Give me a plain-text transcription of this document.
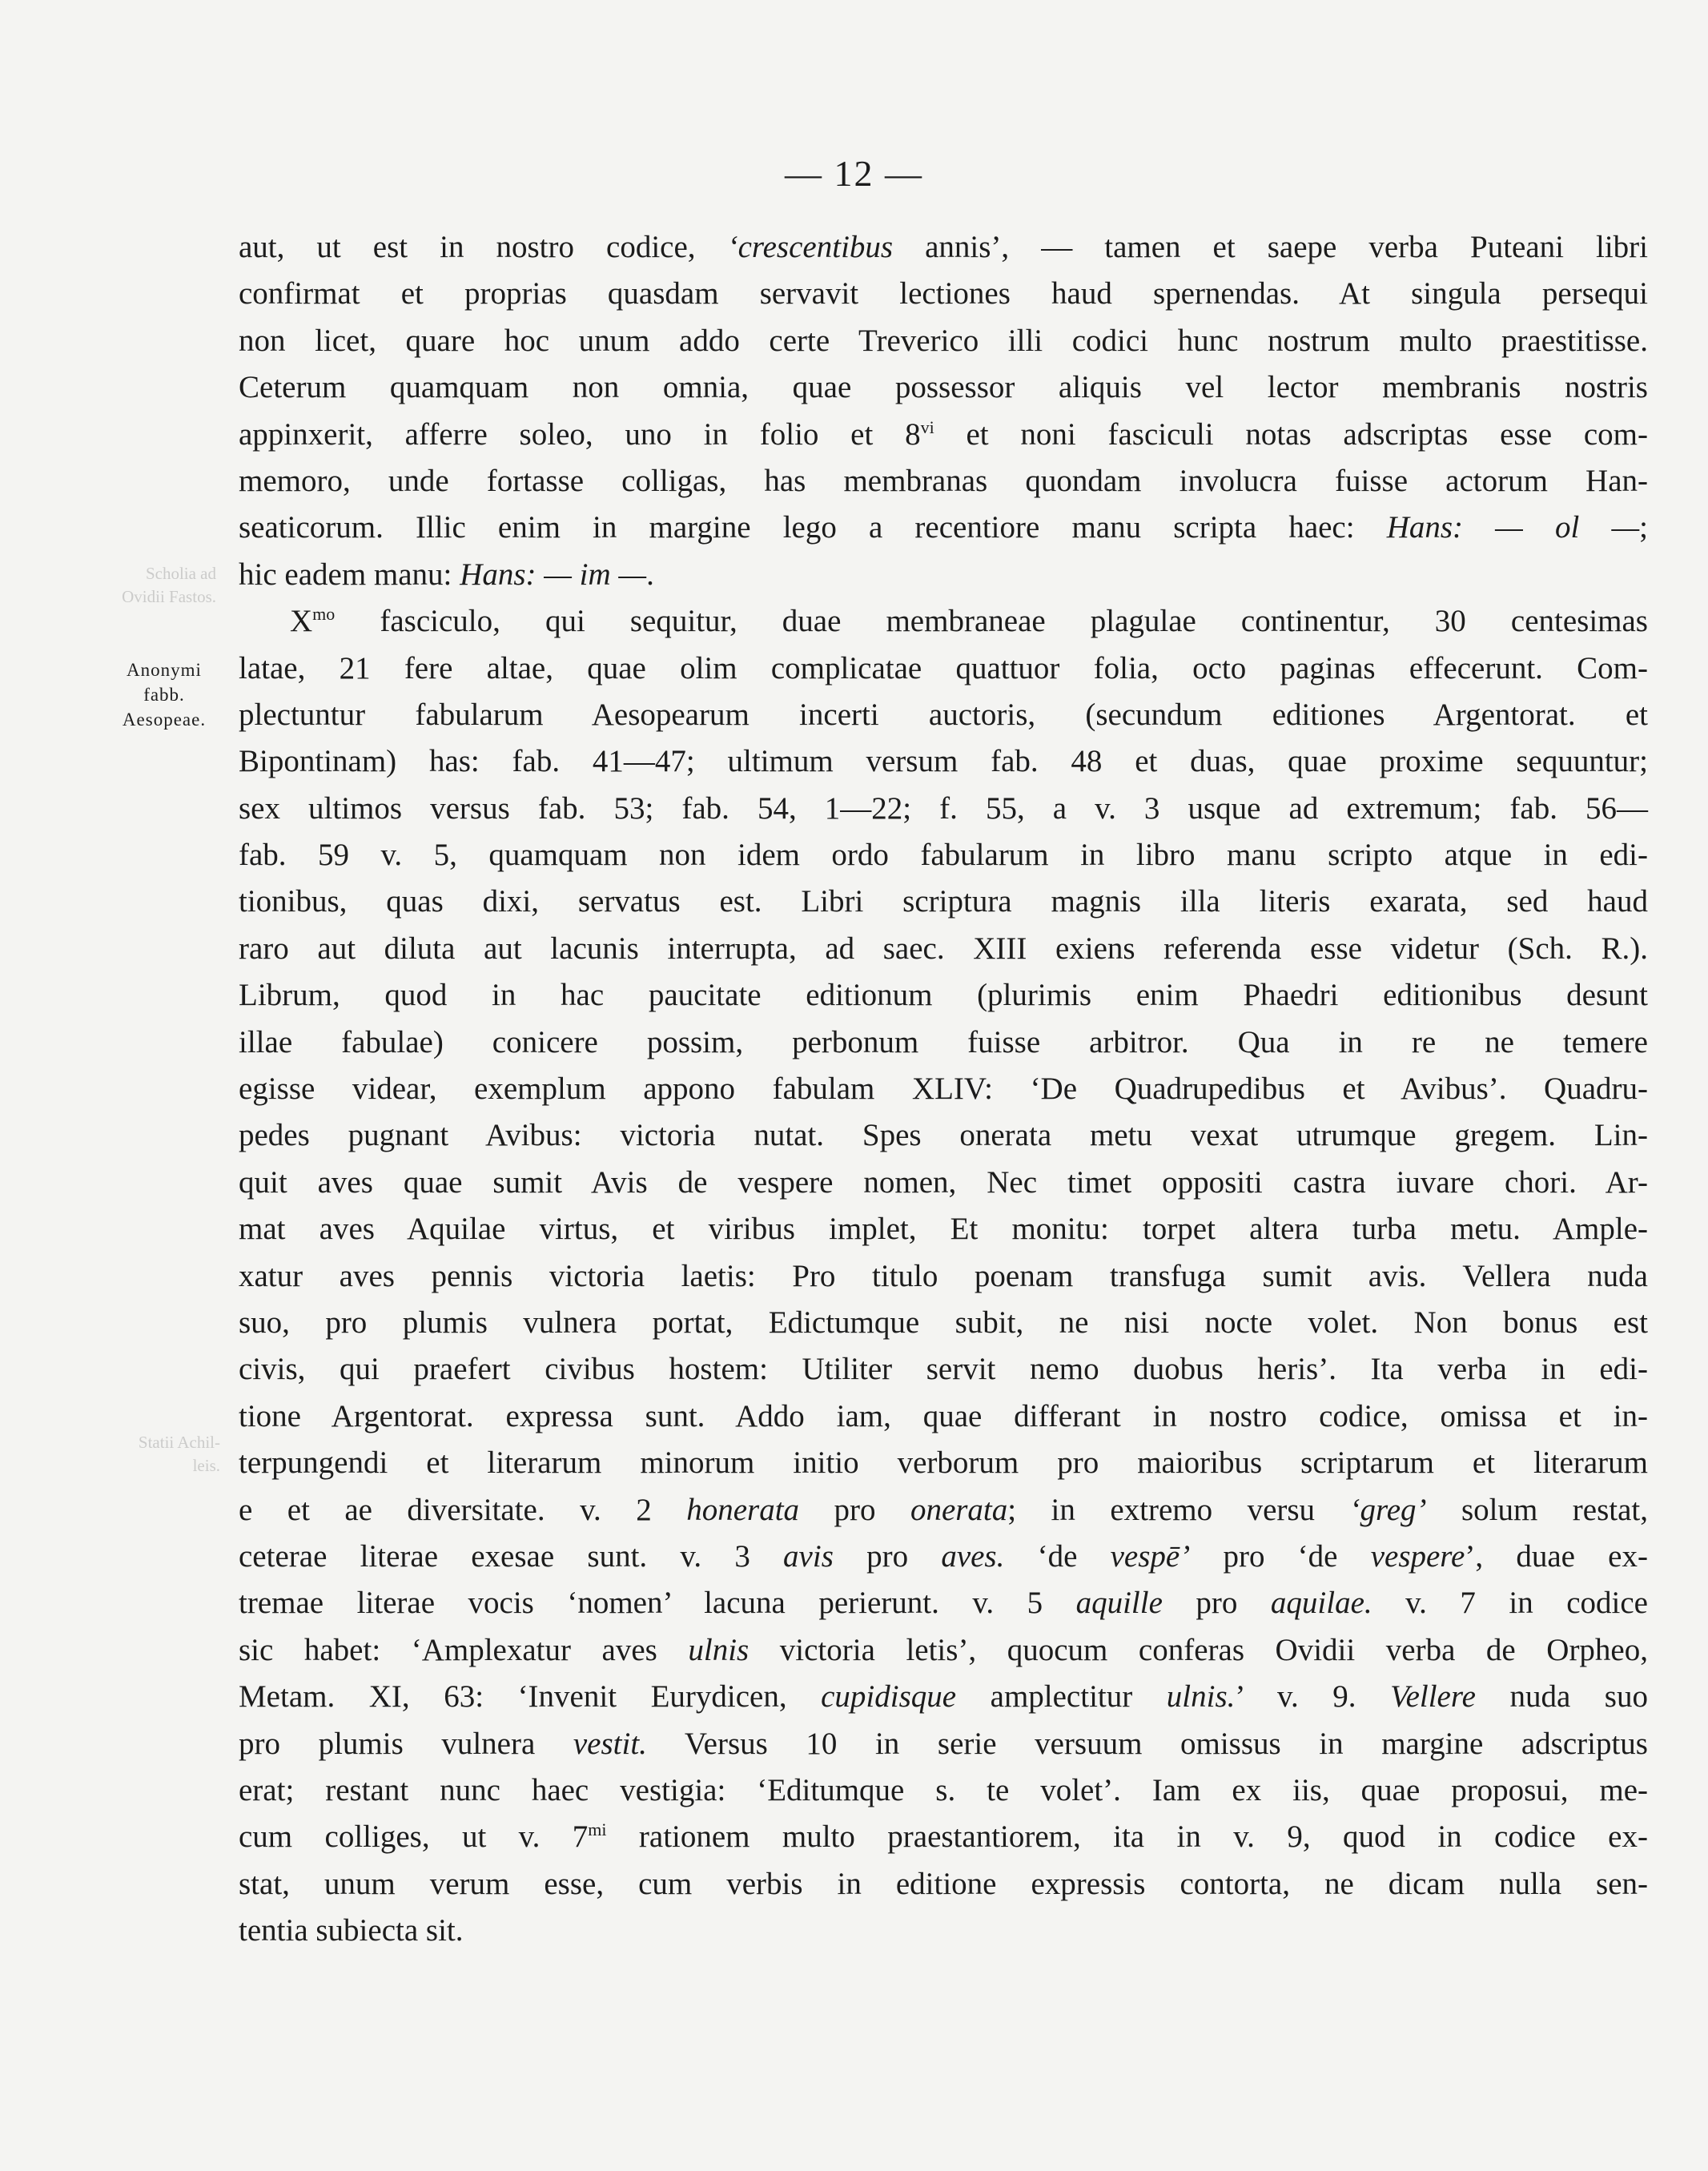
— 12 —
Scholia ad
Ovidii Fastos.
Statii Achil-
leis.
Anonymi
fabb.
Aesopeae.
aut, ut est in nostro codice, ‘crescentibus annis’, — tamen et saepe verba Puteani libri
confirmat et proprias quasdam servavit lectiones haud spernendas. At singula persequi
non licet, quare hoc unum addo certe Treverico illi codici hunc nostrum multo praestitisse.
Ceterum quamquam non omnia, quae possessor aliquis vel lector membranis nostris
appinxerit, afferre soleo, uno in folio et 8$^{vi}$ et noni fasciculi notas adscriptas esse com-
memoro, unde fortasse colligas, has membranas quondam involucra fuisse actorum Han-
seaticorum. Illic enim in margine lego a recentiore manu scripta haec: Hans: — ol —;
hic eadem manu: Hans: — im —.
$X^{mo}$ fasciculo, qui sequitur, duae membraneae plagulae continentur, 30 centesimas
latae, 21 fere altae, quae olim complicatae quattuor folia, octo paginas effecerunt. Com-
plectuntur fabularum Aesopearum incerti auctoris, (secundum editiones Argentorat. et
Bipontinam) has: fab. 41—47; ultimum versum fab. 48 et duas, quae proxime sequuntur;
sex ultimos versus fab. 53; fab. 54, 1—22; f. 55, a v. 3 usque ad extremum; fab. 56—
fab. 59 v. 5, quamquam non idem ordo fabularum in libro manu scripto atque in edi-
tionibus, quas dixi, servatus est. Libri scriptura magnis illa literis exarata, sed haud
raro aut diluta aut lacunis interrupta, ad saec. XIII exiens referenda esse videtur (Sch. R.).
Librum, quod in hac paucitate editionum (plurimis enim Phaedri editionibus desunt
illae fabulae) conicere possim, perbonum fuisse arbitror. Qua in re ne temere
egisse videar, exemplum appono fabulam XLIV: ‘De Quadrupedibus et Avibus’. Quadru-
pedes pugnant Avibus: victoria nutat. Spes onerata metu vexat utrumque gregem. Lin-
quit aves quae sumit Avis de vespere nomen, Nec timet oppositi castra iuvare chori. Ar-
mat aves Aquilae virtus, et viribus implet, Et monitu: torpet altera turba metu. Ample-
xatur aves pennis victoria laetis: Pro titulo poenam transfuga sumit avis. Vellera nuda
suo, pro plumis vulnera portat, Edictumque subit, ne nisi nocte volet. Non bonus est
civis, qui praefert civibus hostem: Utiliter servit nemo duobus heris’. Ita verba in edi-
tione Argentorat. expressa sunt. Addo iam, quae differant in nostro codice, omissa et in-
terpungendi et literarum minorum initio verborum pro maioribus scriptarum et literarum
e et ae diversitate. v. 2 honerata pro onerata; in extremo versu ‘greg’ solum restat,
ceterae literae exesae sunt. v. 3 avis pro aves. ‘de vespē’ pro ‘de vespere’, duae ex-
tremae literae vocis ‘nomen’ lacuna perierunt. v. 5 aquille pro aquilae. v. 7 in codice
sic habet: ‘Amplexatur aves ulnis victoria letis’, quocum conferas Ovidii verba de Orpheo,
Metam. XI, 63: ‘Invenit Eurydicen, cupidisque amplectitur ulnis.’ v. 9. Vellere nuda suo
pro plumis vulnera vestit. Versus 10 in serie versuum omissus in margine adscriptus
erat; restant nunc haec vestigia: ‘Editumque s. te volet’. Iam ex iis, quae proposui, me-
cum colliges, ut v. $7^{mi}$ rationem multo praestantiorem, ita in v. 9, quod in codice ex-
stat, unum verum esse, cum verbis in editione expressis contorta, ne dicam nulla sen-
tentia subiecta sit.
